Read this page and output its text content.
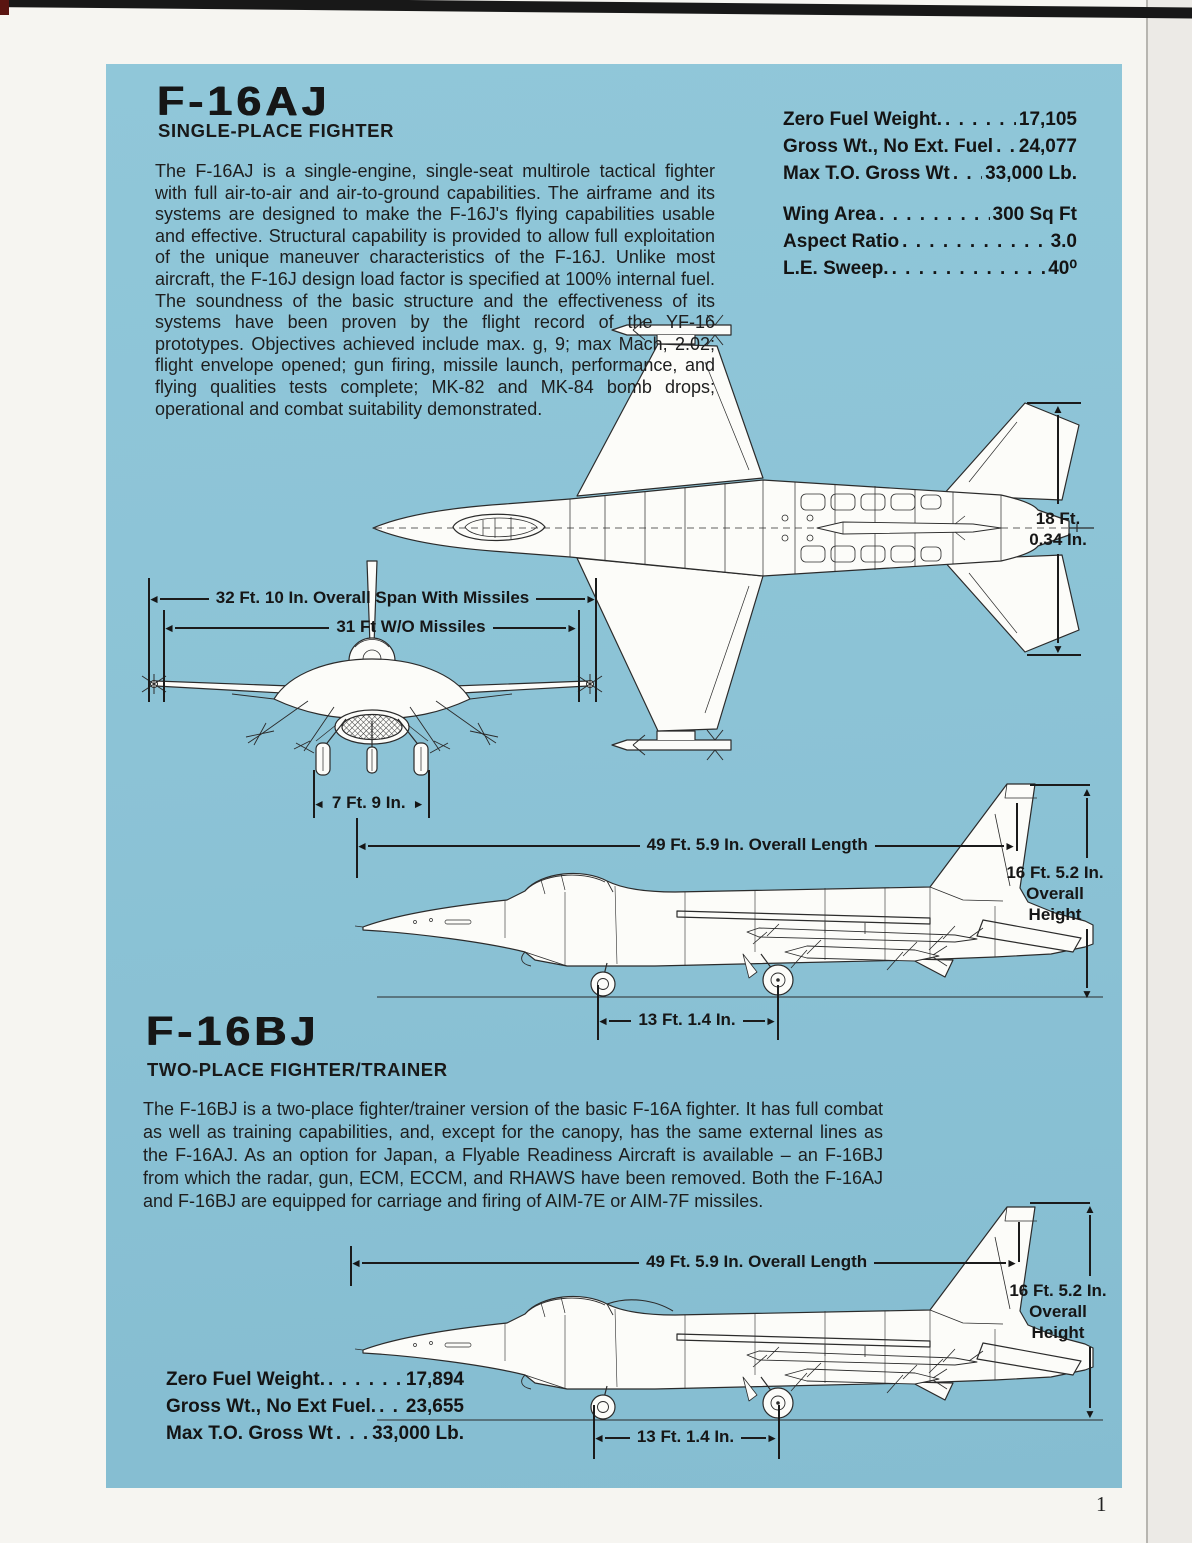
F-16AJ
SINGLE-PLACE FIGHTER

The F-16AJ is a single-engine, single-seat multirole tactical fighter with full air-to-air and air-to-ground capabilities. The airframe and its systems are designed to make the F-16J's flying capabilities usable and effective. Structural capability is provided to allow full exploitation of the unique maneuver characteristics of the F-16J. Unlike most aircraft, the F-16J design load factor is specified at 100% internal fuel. The soundness of the basic structure and the effectiveness of its systems have been proven by the flight record of the YF-16 prototypes. Objectives achieved include max. g, 9; max Mach, 2.02; flight envelope opened; gun firing, missile launch, performance, and flying qualities tests complete; MK-82 and MK-84 bomb drops; operational and combat suitability demonstrated.

Zero Fuel Weight. . . .	17,105
Gross Wt., No Ext. Fuel . . . 24,077
Max T.O. Gross Wt . . . 33,000 Lb.
Wing Area . . .	300 Sq Ft
Aspect Ratio . . .	3.0
L.E. Sweep. . . .	40⁰
◄
32 Ft. 10 In. Overall Span With Missiles
►
◄
31 Ft W/O Missiles
►
◄
7 Ft. 9 In.
►
◄
49 Ft. 5.9 In. Overall Length
►
◄
13 Ft. 1.4 In.
►
▲
18 Ft.
0.34 In.
▼
▲
16 Ft. 5.2 In.
Overall
Height
▼
F-16BJ
TWO-PLACE FIGHTER/TRAINER

The F-16BJ is a two-place fighter/trainer version of the basic F-16A fighter. It has full combat as well as training capabilities, and, except for the canopy, has the same external lines as the F-16AJ. As an option for Japan, a Flyable Readiness Aircraft is available – an F-16BJ from which the radar, gun, ECM, ECCM, and RHAWS have been removed. Both the F-16AJ and F-16BJ are equipped for carriage and firing of AIM-7E or AIM-7F missiles.

◄
49 Ft. 5.9 In. Overall Length
►
◄
13 Ft. 1.4 In.
►
▲
16 Ft. 5.2 In.
Overall
Height
▼
Zero Fuel Weight. . . .	17,894
Gross Wt., No Ext Fuel. . . . 23,655
Max T.O. Gross Wt . . . 33,000 Lb.
1
